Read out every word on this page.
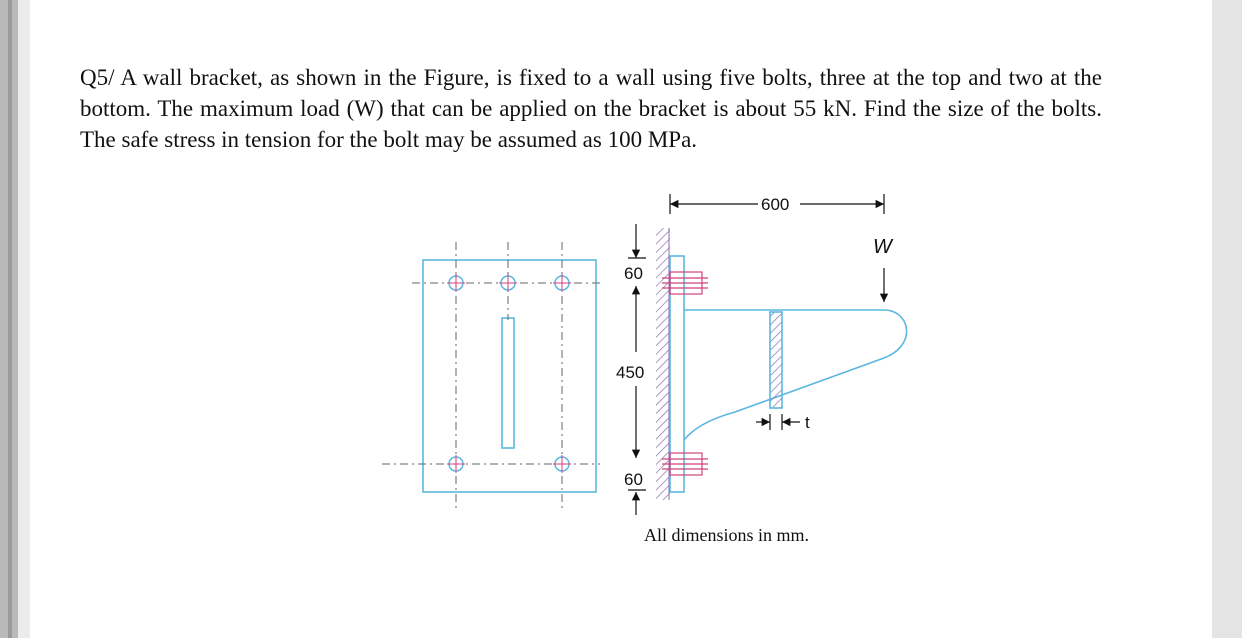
Q5/ A wall bracket, as shown in the Figure, is fixed to a wall using five bolts, three at the top and two at the bottom. The maximum load (W) that can be applied on the bracket is about 55 kN. Find the size of the bolts. The safe stress in tension for the bolt may be assumed as 100 MPa.
60
450
60
600
W
t
All dimensions in mm.
